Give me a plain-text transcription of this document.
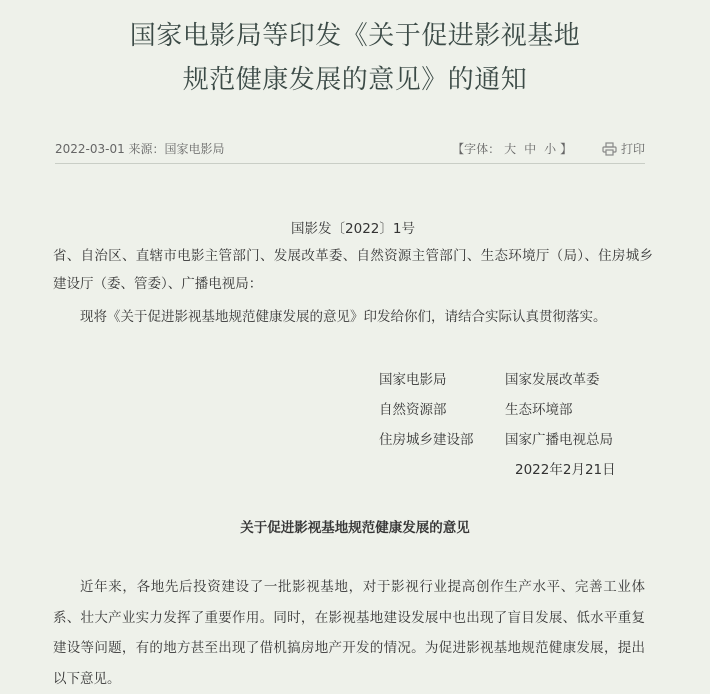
国家电影局等印发《关于促进影视基地
规范健康发展的意见》的通知
2022-03-01 来源：国家电影局	【字体： 大 中 小 】	打印
国影发〔2022〕1号
省、自治区、直辖市电影主管部门、发展改革委、自然资源主管部门、生态环境厅（局）、住房城乡建设厅（委、管委）、广播电视局：
现将《关于促进影视基地规范健康发展的意见》印发给你们，请结合实际认真贯彻落实。
国家电影局	国家发展改革委
自然资源部	生态环境部
住房城乡建设部 国家广播电视总局
2022年2月21日
关于促进影视基地规范健康发展的意见
近年来，各地先后投资建设了一批影视基地，对于影视行业提高创作生产水平、完善工业体系、壮大产业实力发挥了重要作用。同时，在影视基地建设发展中也出现了盲目发展、低水平重复建设等问题，有的地方甚至出现了借机搞房地产开发的情况。为促进影视基地规范健康发展，提出以下意见。
